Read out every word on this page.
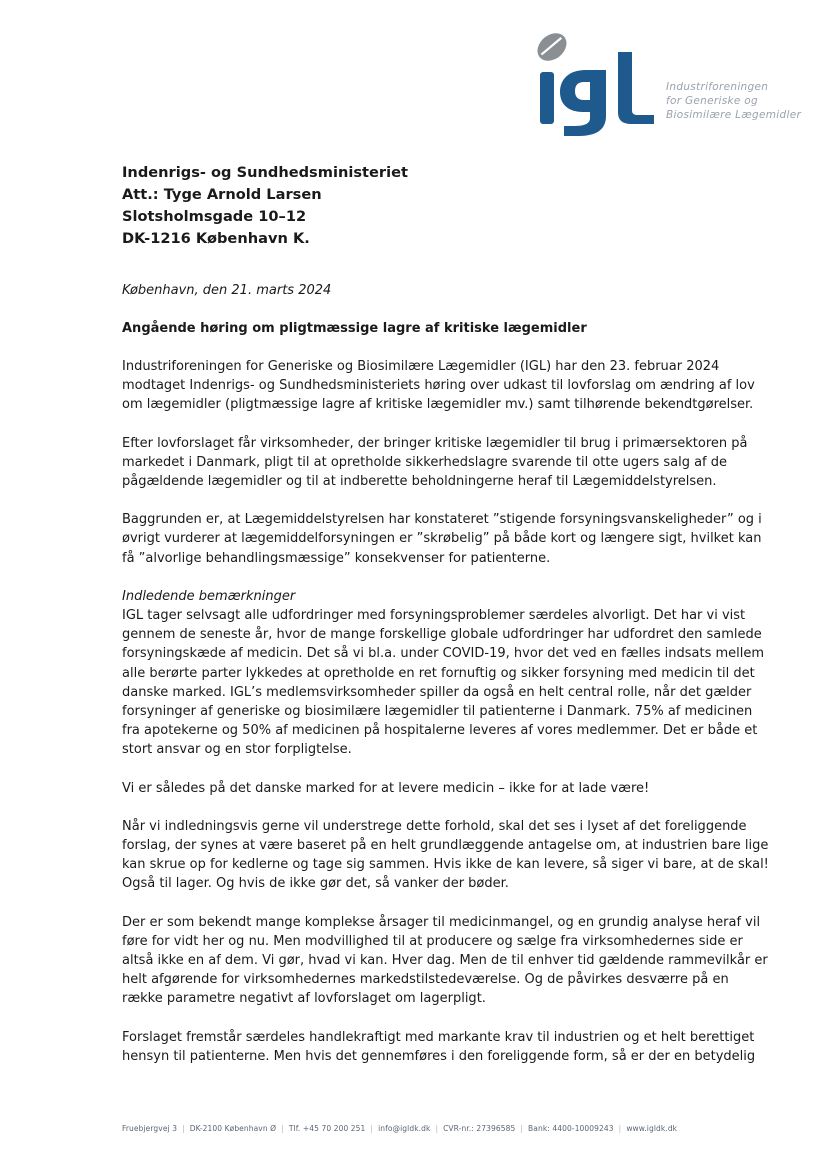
Industriforeningen
for Generiske og
Biosimilære Lægemidler
Indenrigs- og Sundhedsministeriet
Att.: Tyge Arnold Larsen
Slotsholmsgade 10–12
DK-1216 København K.
København, den 21. marts 2024
Angående høring om pligtmæssige lagre af kritiske lægemidler
Industriforeningen for Generiske og Biosimilære Lægemidler (IGL) har den 23. februar 2024
modtaget Indenrigs- og Sundhedsministeriets høring over udkast til lovforslag om ændring af lov
om lægemidler (pligtmæssige lagre af kritiske lægemidler mv.) samt tilhørende bekendtgørelser.
Efter lovforslaget får virksomheder, der bringer kritiske lægemidler til brug i primærsektoren på
markedet i Danmark, pligt til at opretholde sikkerhedslagre svarende til otte ugers salg af de
pågældende lægemidler og til at indberette beholdningerne heraf til Lægemiddelstyrelsen.
Baggrunden er, at Lægemiddelstyrelsen har konstateret ”stigende forsyningsvanskeligheder” og i
øvrigt vurderer at lægemiddelforsyningen er ”skrøbelig” på både kort og længere sigt, hvilket kan
få ”alvorlige behandlingsmæssige” konsekvenser for patienterne.
Indledende bemærkninger
IGL tager selvsagt alle udfordringer med forsyningsproblemer særdeles alvorligt. Det har vi vist
gennem de seneste år, hvor de mange forskellige globale udfordringer har udfordret den samlede
forsyningskæde af medicin. Det så vi bl.a. under COVID-19, hvor det ved en fælles indsats mellem
alle berørte parter lykkedes at opretholde en ret fornuftig og sikker forsyning med medicin til det
danske marked. IGL’s medlemsvirksomheder spiller da også en helt central rolle, når det gælder
forsyninger af generiske og biosimilære lægemidler til patienterne i Danmark. 75% af medicinen
fra apotekerne og 50% af medicinen på hospitalerne leveres af vores medlemmer. Det er både et
stort ansvar og en stor forpligtelse.
Vi er således på det danske marked for at levere medicin – ikke for at lade være!
Når vi indledningsvis gerne vil understrege dette forhold, skal det ses i lyset af det foreliggende
forslag, der synes at være baseret på en helt grundlæggende antagelse om, at industrien bare lige
kan skrue op for kedlerne og tage sig sammen. Hvis ikke de kan levere, så siger vi bare, at de skal!
Også til lager. Og hvis de ikke gør det, så vanker der bøder.
Der er som bekendt mange komplekse årsager til medicinmangel, og en grundig analyse heraf vil
føre for vidt her og nu. Men modvillighed til at producere og sælge fra virksomhedernes side er
altså ikke en af dem. Vi gør, hvad vi kan. Hver dag. Men de til enhver tid gældende rammevilkår er
helt afgørende for virksomhedernes markedstilstedeværelse. Og de påvirkes desværre på en
række parametre negativt af lovforslaget om lagerpligt.
Forslaget fremstår særdeles handlekraftigt med markante krav til industrien og et helt berettiget
hensyn til patienterne. Men hvis det gennemføres i den foreliggende form, så er der en betydelig
Fruebjergvej 3 | DK-2100 København Ø | Tlf. +45 70 200 251 | info@igldk.dk | CVR-nr.: 27396585 | Bank: 4400-10009243 | www.igldk.dk
